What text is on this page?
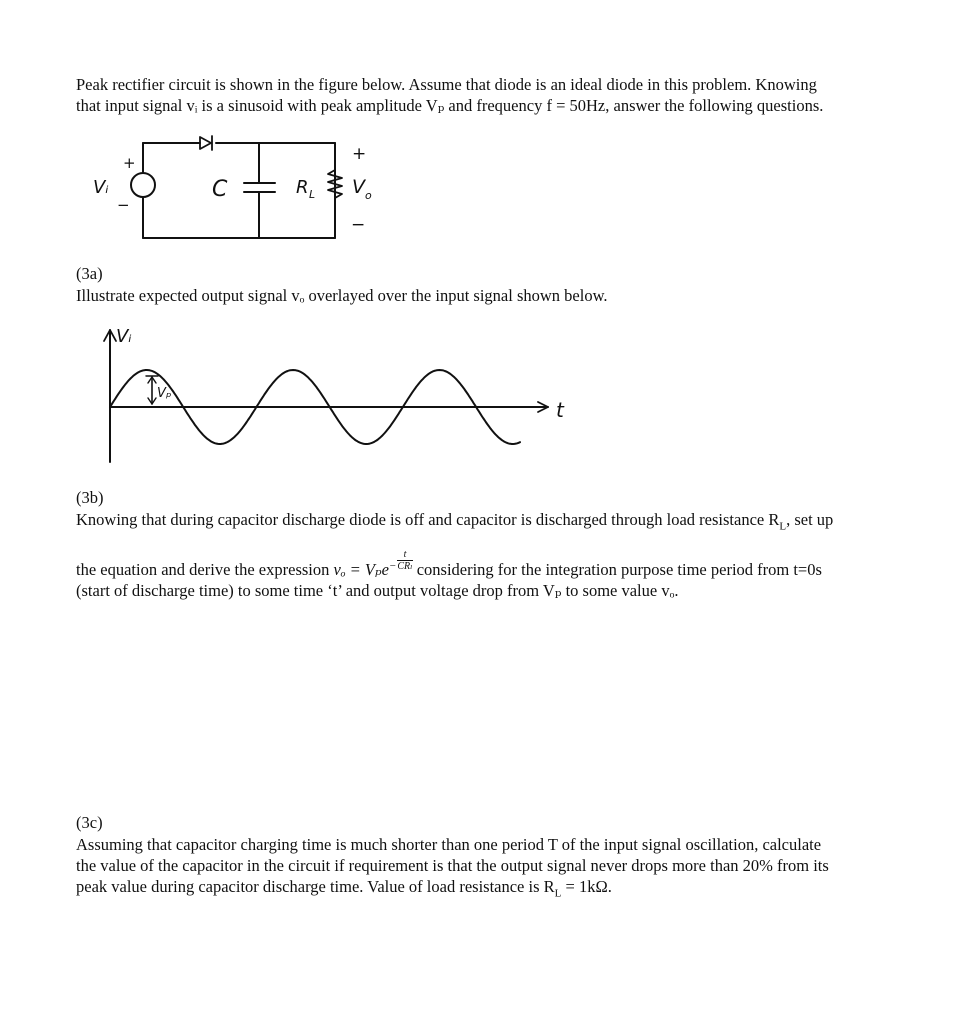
Peak rectifier circuit is shown in the figure below. Assume that diode is an ideal diode in this problem. Knowing
that input signal vᵢ is a sinusoid with peak amplitude Vₚ and frequency f = 50Hz, answer the following questions.
+
−
Vᵢ	C	R L V o
+
−
(3a)
Illustrate expected output signal vₒ overlayed over the input signal shown below.
Vₚ
Vᵢ
t
(3b)
Knowing that during capacitor discharge diode is off and capacitor is discharged through load resistance $R_L$, set up
the equation and derive the expression $v_o = V_pe^- \frac{t}{\text{CRₗ}}$ considering for the integration purpose time period from t=0s
(start of discharge time) to some time ‘t’ and output voltage drop from Vₚ to some value vₒ.
(3c)
Assuming that capacitor charging time is much shorter than one period T of the input signal oscillation, calculate
the value of the capacitor in the circuit if requirement is that the output signal never drops more than 20% from its
peak value during capacitor discharge time. Value of load resistance is $R_L = 1k\Omega$.
